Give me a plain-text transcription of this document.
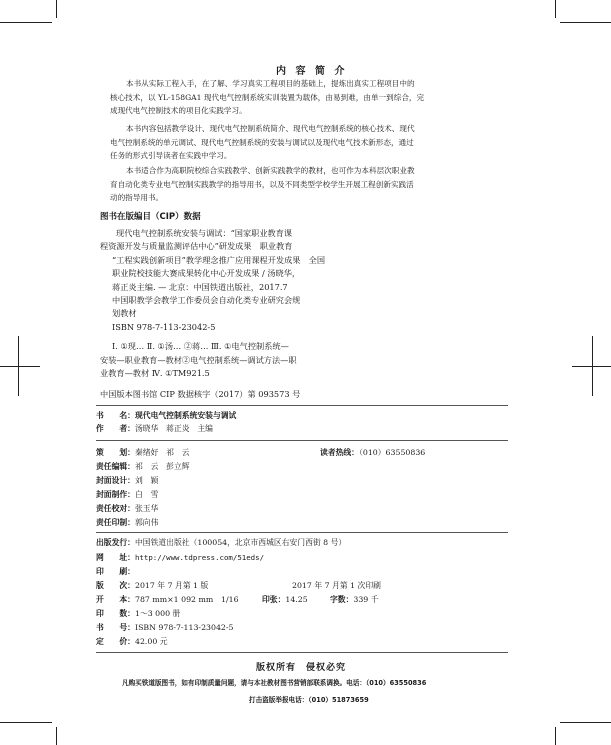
内 容 简 介

本书从实际工程入手，在了解、学习真实工程项目的基础上，提炼出真实工程项目中的

核心技术，以 YL-158GA1 现代电气控制系统实训装置为载体，由易到难，由单一到综合，完

成现代电气控制技术的项目化实践学习。

本书内容包括教学设计、现代电气控制系统简介、现代电气控制系统的核心技术、现代

电气控制系统的单元调试、现代电气控制系统的安装与调试以及现代电气技术新形态，通过

任务的形式引导读者在实践中学习。

本书适合作为高职院校综合实践教学、创新实践教学的教材，也可作为本科层次职业教

育自动化类专业电气控制实践教学的指导用书，以及不同类型学校学生开展工程创新实践活

动的指导用书。

图书在版编目（CIP）数据

现代电气控制系统安装与调试：“国家职业教育课

程资源开发与质量监测评估中心”研发成果　职业教育

“工程实践创新项目”教学理念推广应用课程开发成果　全国

职业院校技能大赛成果转化中心开发成果 / 汤晓华，

蒋正炎主编. — 北京：中国铁道出版社，2017.7

中国职教学会教学工作委员会自动化类专业研究会规

划教材

ISBN 978-7-113-23042-5

Ⅰ. ①现… Ⅱ. ①汤… ②蒋… Ⅲ. ①电气控制系统—

安装—职业教育—教材②电气控制系统—调试方法—职

业教育—教材 Ⅳ. ①TM921.5

中国版本图书馆 CIP 数据核字（2017）第 093573 号
书　　名：现代电气控制系统安装与调试
作　　者：汤晓华　蒋正炎　主编
策　　划：秦绪好　祁　云	读者热线：（010）63550836
责任编辑：祁　云　彭立辉
封面设计：刘　颖
封面制作：白　雪
责任校对：张玉华
责任印制：郭向伟
出版发行：中国铁道出版社（100054，北京市西城区右安门西街 8 号）
网　　址：http://www.tdpress.com/51eds/
印　　刷：
版　　次：2017 年 7 月第 1 版	2017 年 7 月第 1 次印刷
开　　本：787 mm×1 092 mm　1/16	印张：14.25	字数：339 千
印　　数：1～3 000 册
书　　号：ISBN 978-7-113-23042-5
定　　价：42.00 元
版权所有　侵权必究
凡购买铁道版图书，如有印制质量问题，请与本社教材图书营销部联系调换。电话：（010）63550836
打击盗版举报电话：（010）51873659
